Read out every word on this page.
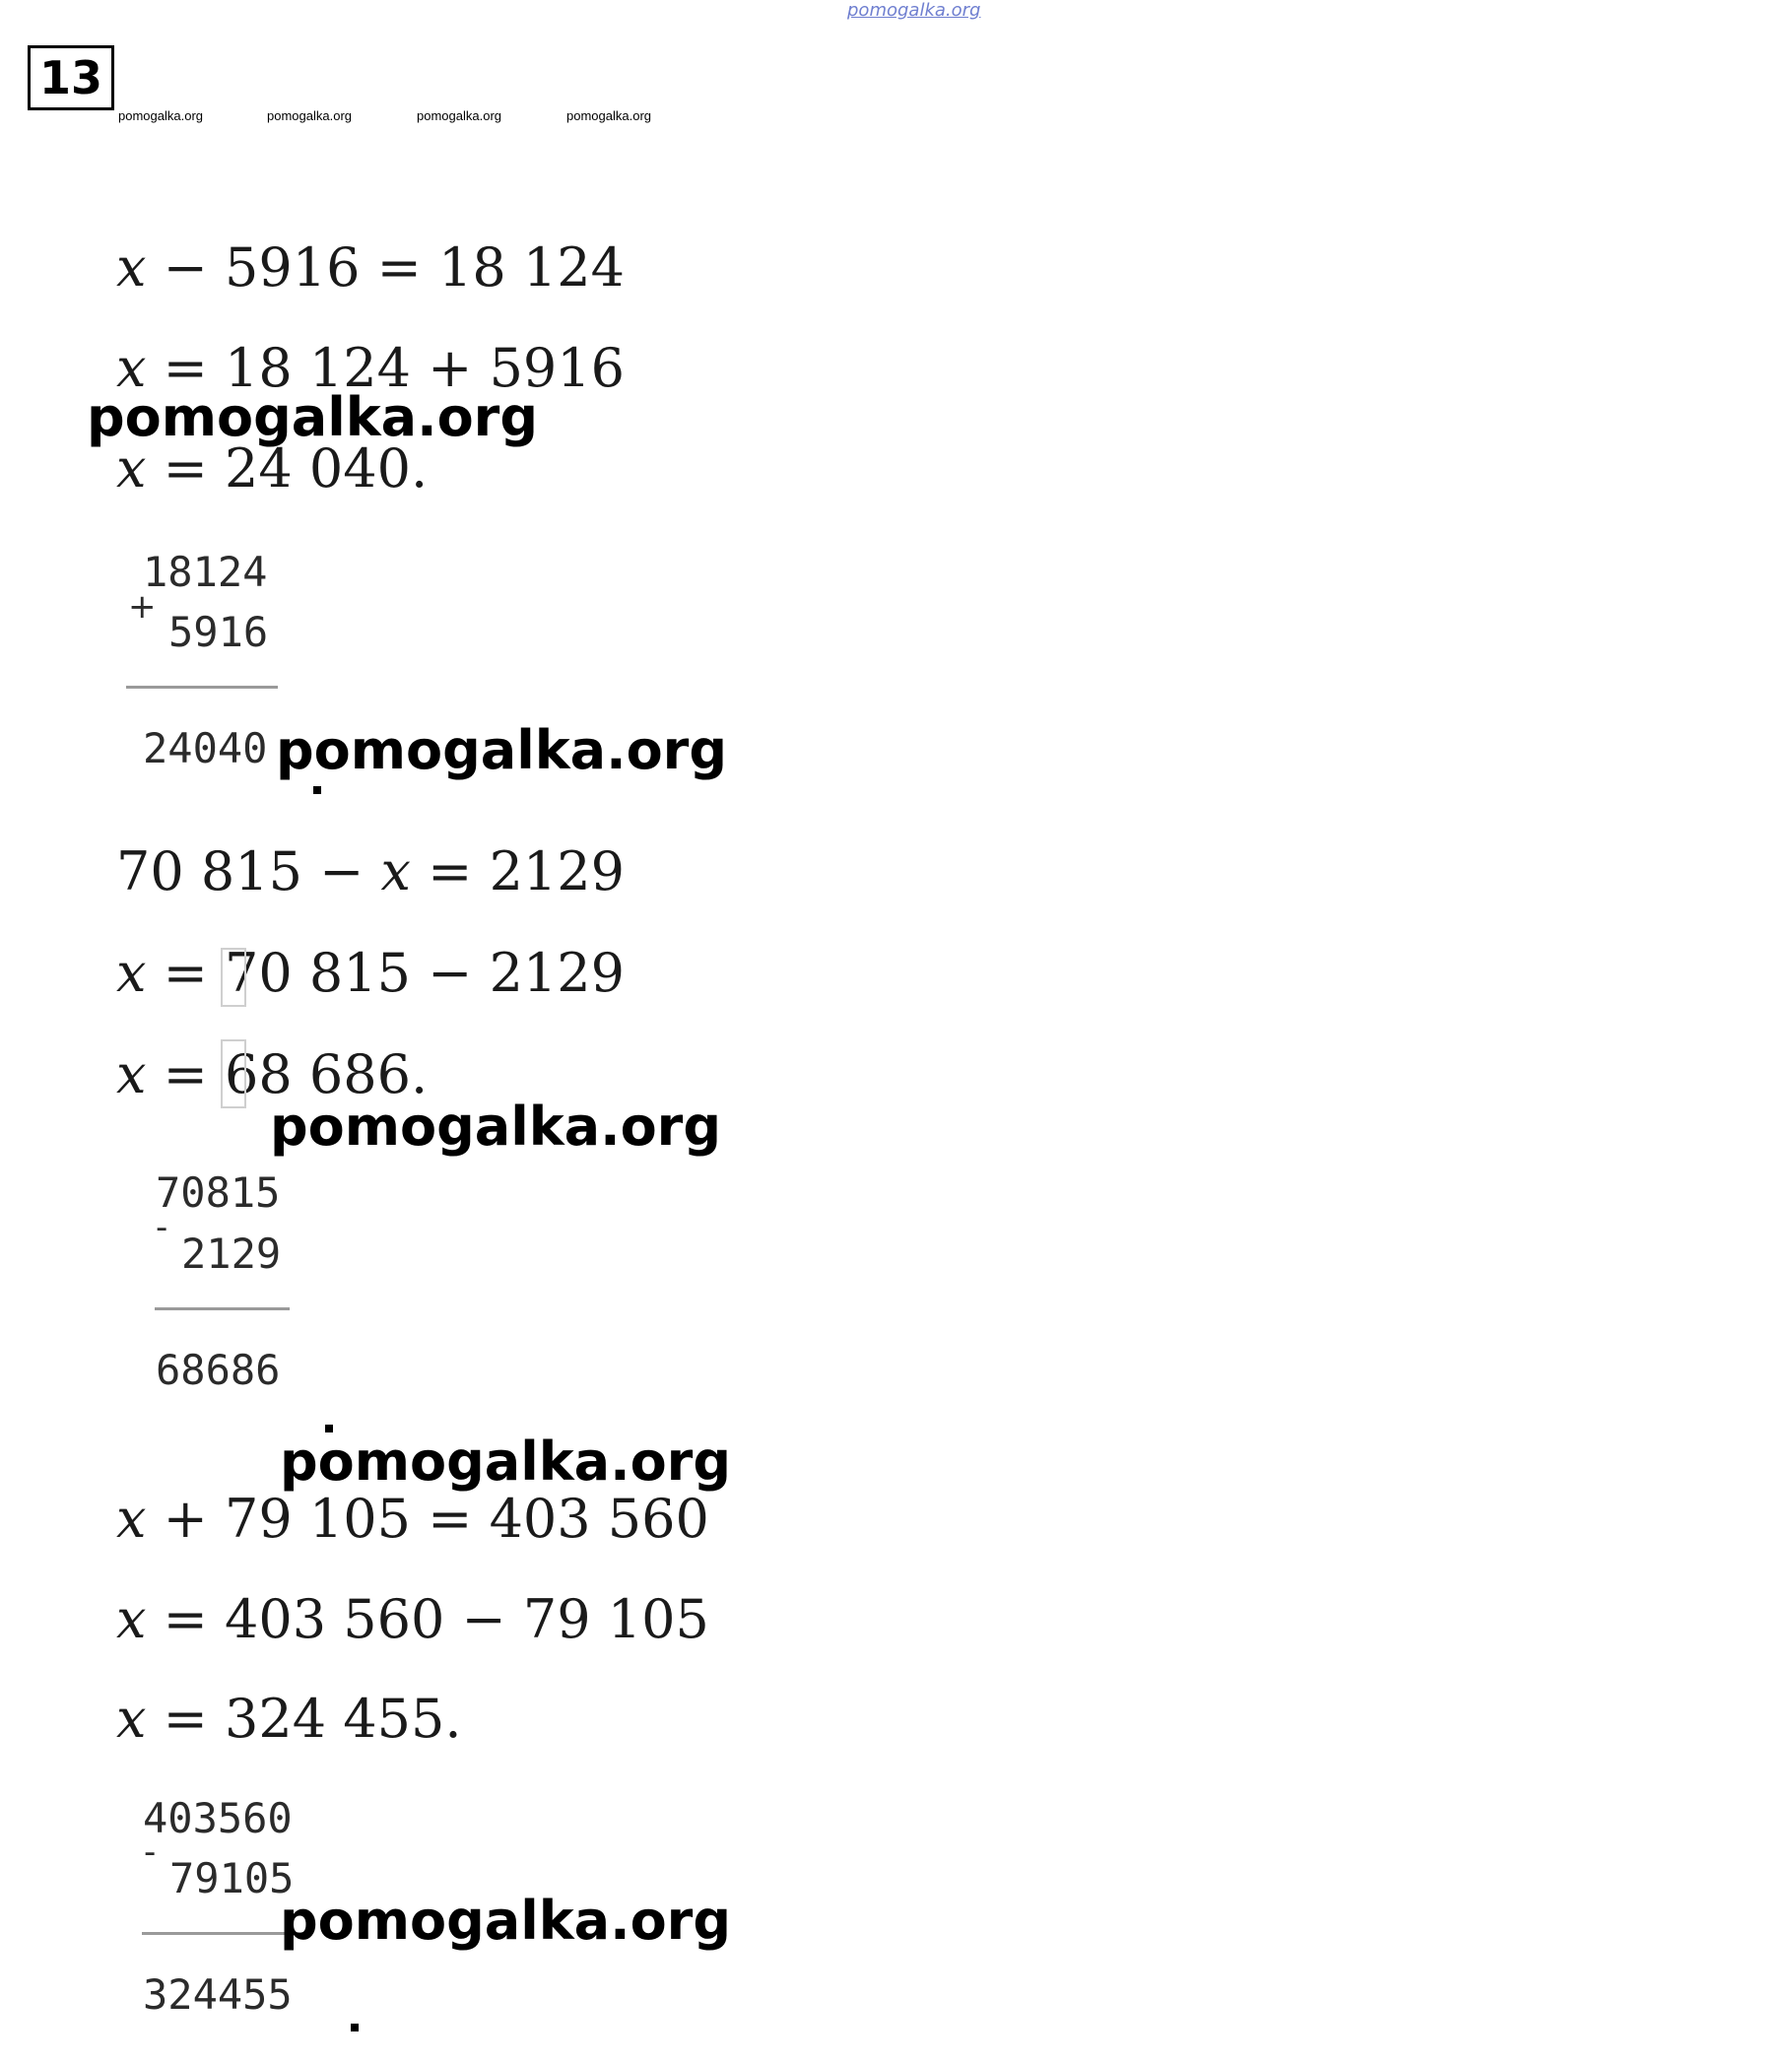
pomogalka.org
13
pomogalka.org	pomogalka.org	pomogalka.org	pomogalka.org
x − 5916 = 18 124
x = 18 124 + 5916
pomogalka.org
x = 24 040.
18124
+
5916
24040 pomogalka.org
70 815 − x = 2129
x = 70 815 − 2129
x = 68 686.
pomogalka.org
70815
-
2129
68686
pomogalka.org
x + 79 105 = 403 560
x = 403 560 − 79 105
x = 324 455.
403560
-
79105
pomogalka.org
324455
